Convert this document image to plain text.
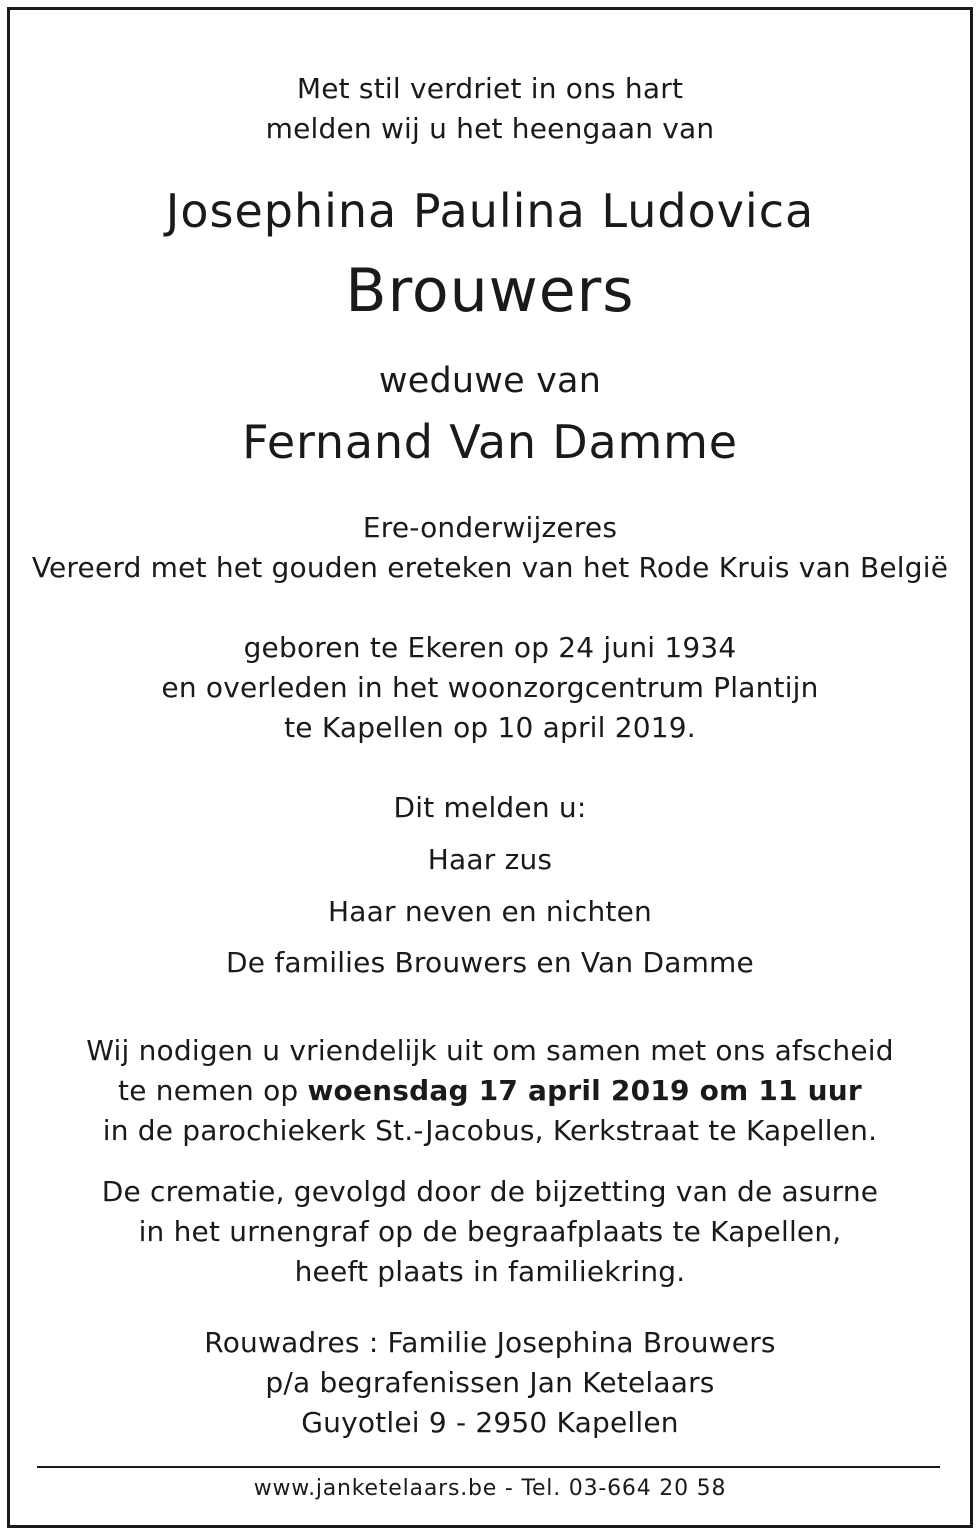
Met stil verdriet in ons hart
melden wij u het heengaan van
Josephina Paulina Ludovica
Brouwers
weduwe van
Fernand Van Damme
Ere-onderwijzeres
Vereerd met het gouden ereteken van het Rode Kruis van België
geboren te Ekeren op 24 juni 1934
en overleden in het woonzorgcentrum Plantijn
te Kapellen op 10 april 2019.
Dit melden u:
Haar zus
Haar neven en nichten
De families Brouwers en Van Damme
Wij nodigen u vriendelijk uit om samen met ons afscheid
te nemen op woensdag 17 april 2019 om 11 uur
in de parochiekerk St.-Jacobus, Kerkstraat te Kapellen.
De crematie, gevolgd door de bijzetting van de asurne
in het urnengraf op de begraafplaats te Kapellen,
heeft plaats in familiekring.
Rouwadres : Familie Josephina Brouwers
p/a begrafenissen Jan Ketelaars
Guyotlei 9 - 2950 Kapellen
www.janketelaars.be - Tel. 03-664 20 58
